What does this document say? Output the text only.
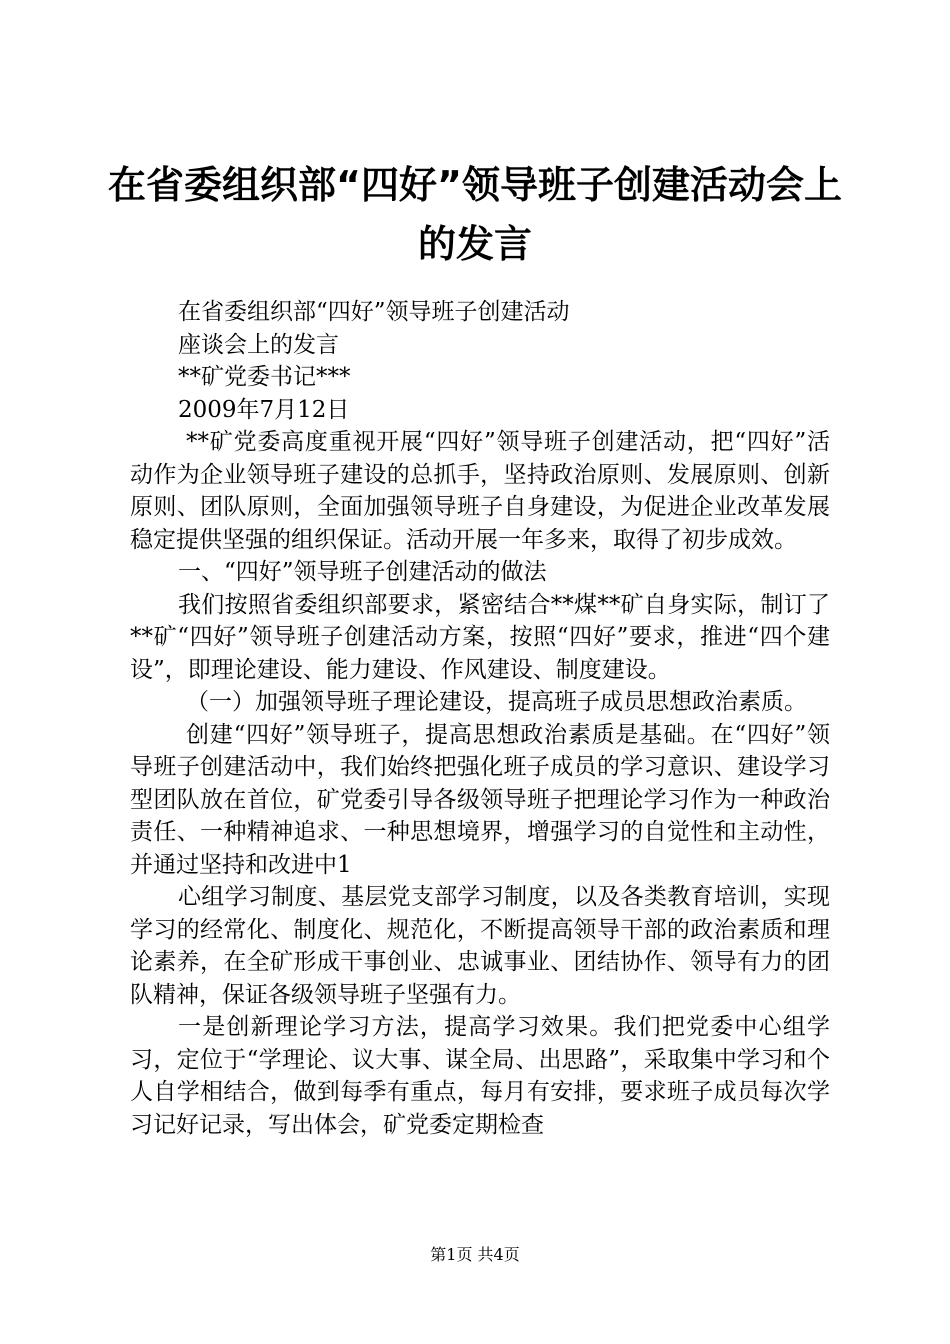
在省委组织部“四好”领导班子创建活动会上
的发言

在省委组织部“四好”领导班子创建活动

座谈会上的发言

**矿党委书记***

2009年7月12日

**矿党委高度重视开展“四好”领导班子创建活动，把“四好”活动作为企业领导班子建设的总抓手，坚持政治原则、发展原则、创新原则、团队原则，全面加强领导班子自身建设，为促进企业改革发展稳定提供坚强的组织保证。活动开展一年多来，取得了初步成效。

一、“四好”领导班子创建活动的做法

我们按照省委组织部要求，紧密结合**煤**矿自身实际，制订了**矿“四好”领导班子创建活动方案，按照“四好”要求，推进“四个建设”，即理论建设、能力建设、作风建设、制度建设。

（一）加强领导班子理论建设，提高班子成员思想政治素质。

创建“四好”领导班子，提高思想政治素质是基础。在“四好”领导班子创建活动中，我们始终把强化班子成员的学习意识、建设学习型团队放在首位，矿党委引导各级领导班子把理论学习作为一种政治责任、一种精神追求、一种思想境界，增强学习的自觉性和主动性，并通过坚持和改进中1

心组学习制度、基层党支部学习制度，以及各类教育培训，实现学习的经常化、制度化、规范化，不断提高领导干部的政治素质和理论素养，在全矿形成干事创业、忠诚事业、团结协作、领导有力的团队精神，保证各级领导班子坚强有力。

一是创新理论学习方法，提高学习效果。我们把党委中心组学习，定位于“学理论、议大事、谋全局、出思路”，采取集中学习和个人自学相结合，做到每季有重点，每月有安排，要求班子成员每次学习记好记录，写出体会，矿党委定期检查

第1页 共4页
